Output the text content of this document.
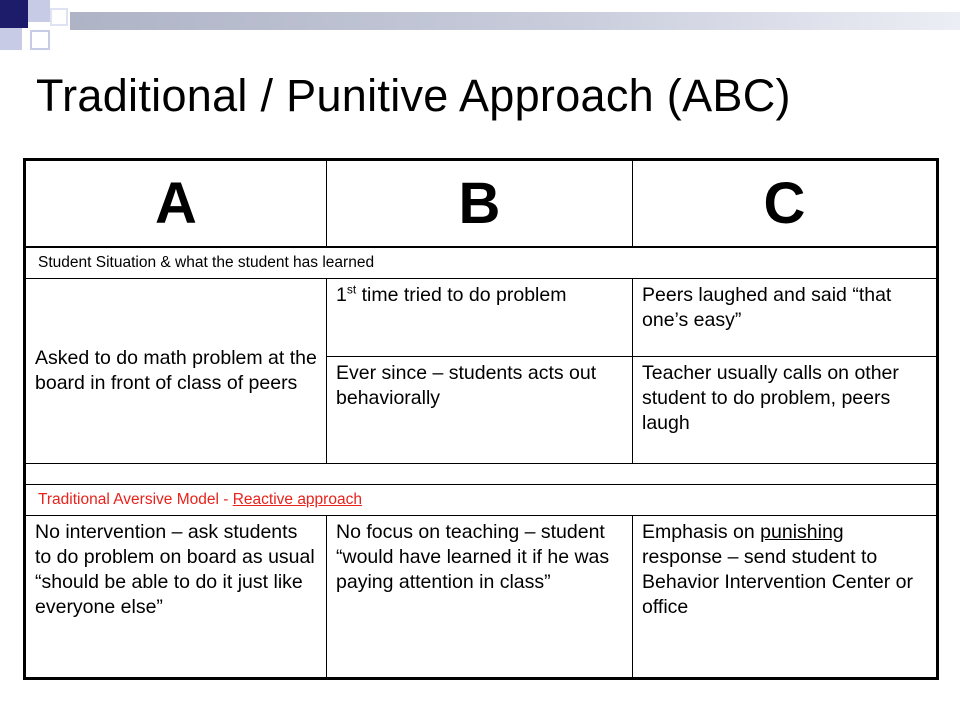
Traditional / Punitive Approach (ABC)
A	B	C
Student Situation & what the student has learned		
Asked to do math problem at the board in front of class of peers	1st time tried to do problem	Peers laughed and said “that one’s easy”
	Ever since – students acts out behaviorally	Teacher usually calls on other student to do problem, peers laugh

Traditional Aversive Model - Reactive approach		
No intervention – ask students to do problem on board as usual “should be able to do it just like everyone else”	No focus on teaching – student “would have learned it if he was paying attention in class”	Emphasis on punishing response – send student to Behavior Intervention Center or office
